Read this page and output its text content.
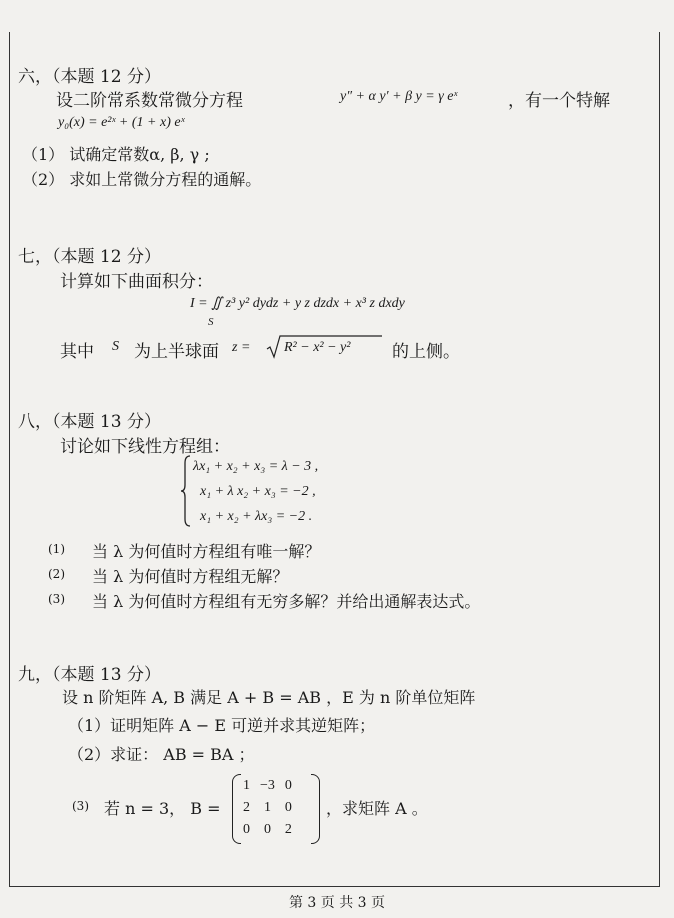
六，（本题 12 分）
设二阶常系数常微分方程	y″ + α y′ + β y = γ eˣ	，有一个特解
y₀(x) = e²ˣ + (1 + x) eˣ
（1） 试确定常数α, β, γ ;
（2） 求如上常微分方程的通解。
七，（本题 12 分）
计算如下曲面积分：
I = ∬ z³ y² dydz + y z dzdx + x³ z dxdy
S
其中 S 为上半球面 z = R² − x² − y² 的上侧。
八，（本题 13 分）
讨论如下线性方程组：
λx₁ + x₂ + x₃ = λ − 3 ,
x₁ + λ x₂ + x₃ = −2 ,
x₁ + x₂ + λx₃ = −2 .
(1) 当 λ 为何值时方程组有唯一解？
(2) 当 λ 为何值时方程组无解？
(3) 当 λ 为何值时方程组有无穷多解？并给出通解表达式。
九，（本题 13 分）
设 n 阶矩阵 A, B 满足 A + B = AB ，E 为 n 阶单位矩阵
（1）证明矩阵 A − E 可逆并求其逆矩阵；
（2）求证： AB = BA ；
(3) 若 n = 3， B =
1	−3	0
2	1	0
0	0	2
，求矩阵 A 。
第 3 页 共 3 页
